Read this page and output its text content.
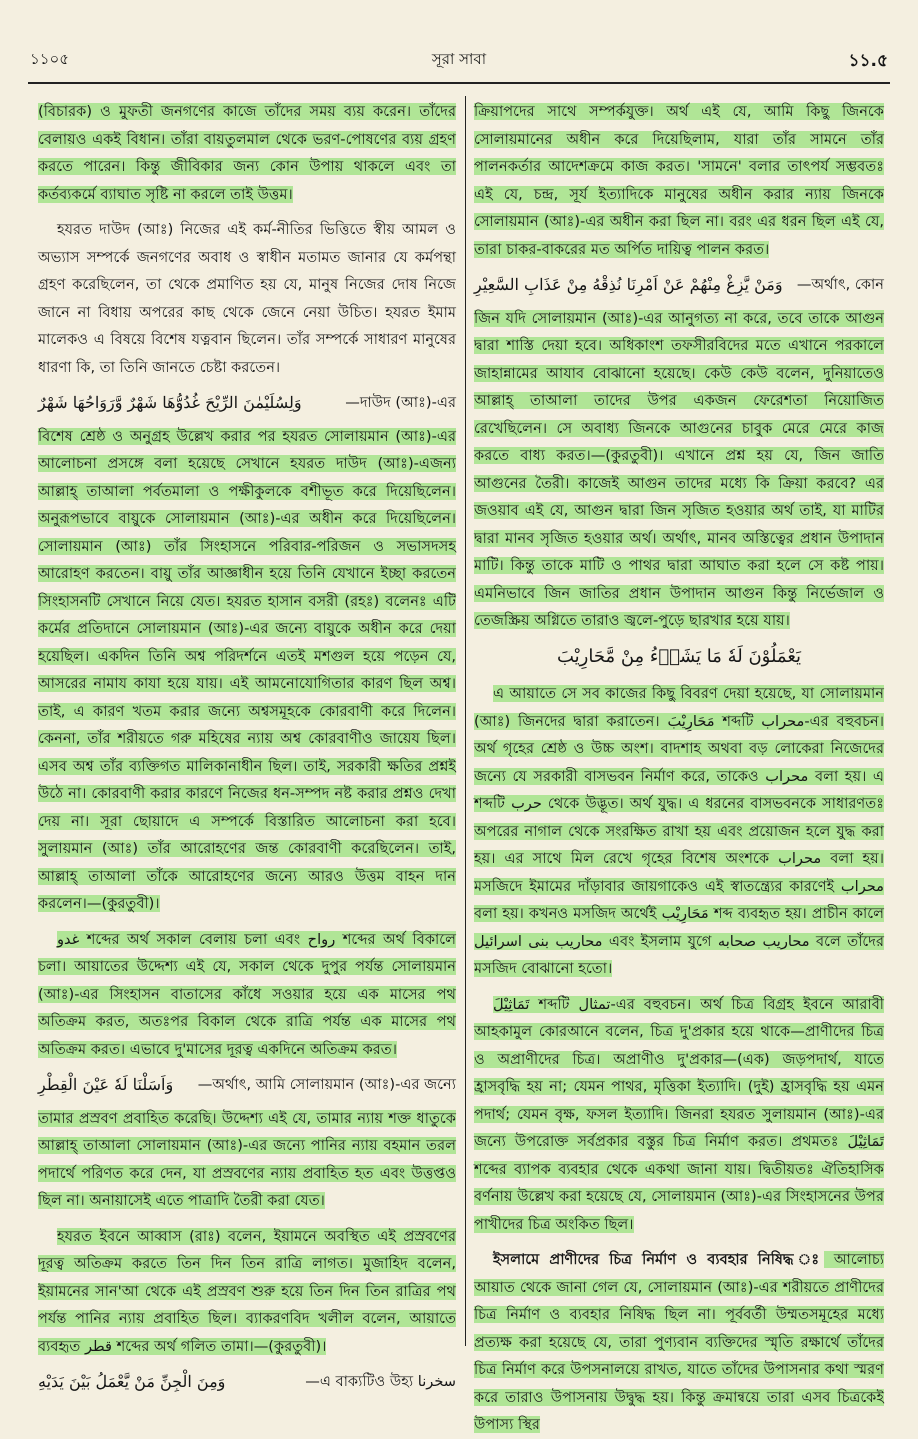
১১০৫	সূরা সাবা	১১.৫

(বিচারক) ও মুফতী জনগণের কাজে তাঁদের সময় ব্যয় করেন। তাঁদের বেলায়ও একই বিধান। তাঁরা বায়তুলমাল থেকে ভরণ-পোষণের ব্যয় গ্রহণ করতে পারেন। কিন্তু জীবিকার জন্য কোন উপায় থাকলে এবং তা কর্তব্যকর্মে ব্যাঘাত সৃষ্টি না করলে তাই উত্তম।

হযরত দাউদ (আঃ) নিজের এই কর্ম-নীতির ভিত্তিতে স্বীয় আমল ও অভ্যাস সম্পর্কে জনগণের অবাধ ও স্বাধীন মতামত জানার যে কর্মপন্থা গ্রহণ করেছিলেন, তা থেকে প্রমাণিত হয় যে, মানুষ নিজের দোষ নিজে জানে না বিধায় অপরের কাছ থেকে জেনে নেয়া উচিত। হযরত ইমাম মালেকও এ বিষয়ে বিশেষ যত্নবান ছিলেন। তাঁর সম্পর্কে সাধারণ মানুষের ধারণা কি, তা তিনি জানতে চেষ্টা করতেন।

وَلِسُلَيْمٰنَ الرِّيْحَ غُدُوُّهَا شَهْرٌ وَّرَوَاحُهَا شَهْرٌ	—দাউদ (আঃ)-এর

বিশেষ শ্রেষ্ঠ ও অনুগ্রহ উল্লেখ করার পর হযরত সোলায়মান (আঃ)-এর আলোচনা প্রসঙ্গে বলা হয়েছে সেখানে হযরত দাউদ (আঃ)-এজন্য আল্লাহ্ তাআলা পর্বতমালা ও পক্ষীকুলকে বশীভূত করে দিয়েছিলেন। অনুরূপভাবে বায়ুকে সোলায়মান (আঃ)-এর অধীন করে দিয়েছিলেন। সোলায়মান (আঃ) তাঁর সিংহাসনে পরিবার-পরিজন ও সভাসদসহ আরোহণ করতেন। বায়ু তাঁর আজ্ঞাধীন হয়ে তিনি যেখানে ইচ্ছা করতেন সিংহাসনটি সেখানে নিয়ে যেত। হযরত হাসান বসরী (রহঃ) বলেনঃ এটি কর্মের প্রতিদানে সোলায়মান (আঃ)-এর জন্যে বায়ুকে অধীন করে দেয়া হয়েছিল। একদিন তিনি অশ্ব পরিদর্শনে এতই মশগুল হয়ে পড়েন যে, আসরের নামায কাযা হয়ে যায়। এই আমনোযোগিতার কারণ ছিল অশ্ব। তাই, এ কারণ খতম করার জন্যে অশ্বসমূহকে কোরবাণী করে দিলেন। কেননা, তাঁর শরীয়তে গরু মহিষের ন্যায় অশ্ব কোরবাণীও জায়েয ছিল। এসব অশ্ব তাঁর ব্যক্তিগত মালিকানাধীন ছিল। তাই, সরকারী ক্ষতির প্রশ্নই উঠে না। কোরবাণী করার কারণে নিজের ধন-সম্পদ নষ্ট করার প্রশ্নও দেখা দেয় না। সূরা ছোয়াদে এ সম্পর্কে বিস্তারিত আলোচনা করা হবে। সুলায়মান (আঃ) তাঁর আরোহণের জন্ত কোরবাণী করেছিলেন। তাই, আল্লাহ্ তাআলা তাঁকে আরোহণের জন্যে আরও উত্তম বাহন দান করলেন।—(কুরতুবী)।

غدو শব্দের অর্থ সকাল বেলায় চলা এবং رواح শব্দের অর্থ বিকালে চলা। আয়াতের উদ্দেশ্য এই যে, সকাল থেকে দুপুর পর্যন্ত সোলায়মান (আঃ)-এর সিংহাসন বাতাসের কাঁধে সওয়ার হয়ে এক মাসের পথ অতিক্রম করত, অতঃপর বিকাল থেকে রাত্রি পর্যন্ত এক মাসের পথ অতিক্রম করত। এভাবে দু'মাসের দূরত্ব একদিনে অতিক্রম করত।

وَاَسَلْنَا لَهٗ عَيْنَ الْقِطْرِ —অর্থাৎ, আমি সোলায়মান (আঃ)-এর জন্যে

তামার প্রস্রবণ প্রবাহিত করেছি। উদ্দেশ্য এই যে, তামার ন্যায় শক্ত ধাতুকে আল্লাহ্ তাআলা সোলায়মান (আঃ)-এর জন্যে পানির ন্যায় বহমান তরল পদার্থে পরিণত করে দেন, যা প্রস্রবণের ন্যায় প্রবাহিত হত এবং উত্তপ্তও ছিল না। অনায়াসেই এতে পাত্রাদি তৈরী করা যেত।

হযরত ইবনে আব্বাস (রাঃ) বলেন, ইয়ামনে অবস্থিত এই প্রস্রবণের দূরত্ব অতিক্রম করতে তিন দিন তিন রাত্রি লাগত। মুজাহিদ বলেন, ইয়ামনের সান'আ থেকে এই প্রস্রবণ শুরু হয়ে তিন দিন তিন রাত্রির পথ পর্যন্ত পানির ন্যায় প্রবাহিত ছিল। ব্যাকরণবিদ খলীল বলেন, আয়াতে ব্যবহৃত قطر শব্দের অর্থ গলিত তামা।—(কুরতুবী)।

وَمِنَ الْجِنِّ مَنْ يَّعْمَلُ بَيْنَ يَدَيْهِ	—এ বাক্যটিও উহ্য سخرنا

ক্রিয়াপদের সাথে সম্পর্কযুক্ত। অর্থ এই যে, আমি কিছু জিনকে সোলায়মানের অধীন করে দিয়েছিলাম, যারা তাঁর সামনে তাঁর পালনকর্তার আদেশক্রমে কাজ করত। 'সামনে' বলার তাৎপর্য সম্ভবতঃ এই যে, চন্দ্র, সূর্য ইত্যাদিকে মানুষের অধীন করার ন্যায় জিনকে সোলায়মান (আঃ)-এর অধীন করা ছিল না। বরং এর ধরন ছিল এই যে, তারা চাকর-বাকরের মত অর্পিত দায়িত্ব পালন করত।

وَمَنْ يَّزِغْ مِنْهُمْ عَنْ اَمْرِنَا نُذِقْهُ مِنْ عَذَابِ السَّعِيْرِ —অর্থাৎ, কোন

জিন যদি সোলায়মান (আঃ)-এর আনুগত্য না করে, তবে তাকে আগুন দ্বারা শাস্তি দেয়া হবে। অধিকাংশ তফসীরবিদের মতে এখানে পরকালে জাহান্নামের আযাব বোঝানো হয়েছে। কেউ কেউ বলেন, দুনিয়াতেও আল্লাহ্ তাআলা তাদের উপর একজন ফেরেশতা নিয়োজিত রেখেছিলেন। সে অবাধ্য জিনকে আগুনের চাবুক মেরে মেরে কাজ করতে বাধ্য করত।—(কুরতুবী)। এখানে প্রশ্ন হয় যে, জিন জাতি আগুনের তৈরী। কাজেই আগুন তাদের মধ্যে কি ক্রিয়া করবে? এর জওয়াব এই যে, আগুন দ্বারা জিন সৃজিত হওয়ার অর্থ তাই, যা মাটির দ্বারা মানব সৃজিত হওয়ার অর্থ। অর্থাৎ, মানব অস্তিত্বের প্রধান উপাদান মাটি। কিন্তু তাকে মাটি ও পাথর দ্বারা আঘাত করা হলে সে কষ্ট পায়। এমনিভাবে জিন জাতির প্রধান উপাদান আগুন কিন্তু নির্ভেজাল ও তেজস্ক্রিয় অগ্নিতে তারাও জ্বলে-পুড়ে ছারখার হয়ে যায়।

يَعْمَلُوْنَ لَهٗ مَا يَشَاۤءُ مِنْ مَّحَارِيْبَ

এ আয়াতে সে সব কাজের কিছু বিবরণ দেয়া হয়েছে, যা সোলায়মান (আঃ) জিনদের দ্বারা করাতেন। مَحَارِيْبَ শব্দটি محراب-এর বহুবচন। অর্থ গৃহের শ্রেষ্ঠ ও উচ্চ অংশ। বাদশাহ অথবা বড় লোকেরা নিজেদের জন্যে যে সরকারী বাসভবন নির্মাণ করে, তাকেও محراب বলা হয়। এ শব্দটি حرب থেকে উদ্ভূত। অর্থ যুদ্ধ। এ ধরনের বাসভবনকে সাধারণতঃ অপরের নাগাল থেকে সংরক্ষিত রাখা হয় এবং প্রয়োজন হলে যুদ্ধ করা হয়। এর সাথে মিল রেখে গৃহের বিশেষ অংশকে محراب বলা হয়। মসজিদে ইমামের দাঁড়াবার জায়গাকেও এই স্বাতন্ত্র্যের কারণেই محراب বলা হয়। কখনও মসজিদ অর্থেই مَحَارِيْب শব্দ ব্যবহৃত হয়। প্রাচীন কালে محاريب بنى اسرائيل এবং ইসলাম যুগে محاريب صحابه বলে তাঁদের মসজিদ বোঝানো হতো।

تَمَاثِيْلَ শব্দটি تمثال-এর বহুবচন। অর্থ চিত্র বিগ্রহ ইবনে আরাবী আহকামুল কোরআনে বলেন, চিত্র দু'প্রকার হয়ে থাকে—প্রাণীদের চিত্র ও অপ্রাণীদের চিত্র। অপ্রাণীও দু'প্রকার—(এক) জড়পদার্থ, যাতে হ্রাসবৃদ্ধি হয় না; যেমন পাথর, মৃত্তিকা ইত্যাদি। (দুই) হ্রাসবৃদ্ধি হয় এমন পদার্থ; যেমন বৃক্ষ, ফসল ইত্যাদি। জিনরা হযরত সুলায়মান (আঃ)-এর জন্যে উপরোক্ত সর্বপ্রকার বস্তুর চিত্র নির্মাণ করত। প্রথমতঃ تَمَاثِيْلَ শব্দের ব্যাপক ব্যবহার থেকে একথা জানা যায়। দ্বিতীয়তঃ ঐতিহাসিক বর্ণনায় উল্লেখ করা হয়েছে যে, সোলায়মান (আঃ)-এর সিংহাসনের উপর পাখীদের চিত্র অংকিত ছিল।

ইসলামে প্রাণীদের চিত্র নির্মাণ ও ব্যবহার নিষিদ্ধ ঃ আলোচ্য আয়াত থেকে জানা গেল যে, সোলায়মান (আঃ)-এর শরীয়তে প্রাণীদের চিত্র নির্মাণ ও ব্যবহার নিষিদ্ধ ছিল না। পূর্ববর্তী উম্মতসমূহের মধ্যে প্রত্যক্ষ করা হয়েছে যে, তারা পুণ্যবান ব্যক্তিদের স্মৃতি রক্ষার্থে তাঁদের চিত্র নির্মাণ করে উপসনালয়ে রাখত, যাতে তাঁদের উপাসনার কথা স্মরণ করে তারাও উপাসনায় উদ্বুদ্ধ হয়। কিন্তু ক্রমান্বয়ে তারা এসব চিত্রকেই উপাস্য স্থির
